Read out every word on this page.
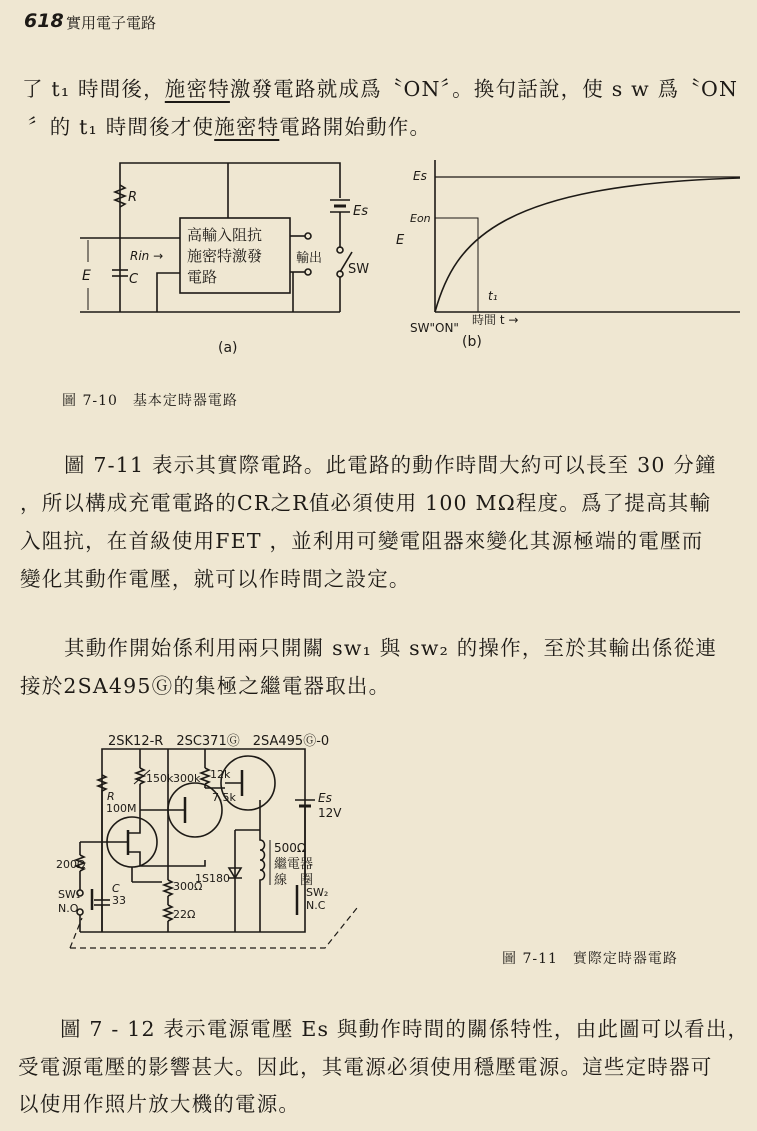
618 實用電子電路
了 t₁ 時間後，施密特激發電路就成爲〝ON〞。換句話說，使 s w 爲〝ON
〞的 t₁ 時間後才使施密特電路開始動作。
R
C
E
Rin →
高輸入阻抗
施密特激發
電路
Es
輸出
SW
(a)
Es
Eon
E
t₁
SW"ON"
時間 t →
(b)
圖 7-10　基本定時器電路
圖 7-11 表示其實際電路。此電路的動作時間大約可以長至 30 分鐘
，所以構成充電電路的CR之R值必須使用 100 MΩ程度。爲了提高其輸
入阻抗，在首級使用FET ，並利用可變電阻器來變化其源極端的電壓而
變化其動作電壓，就可以作時間之設定。
其動作開始係利用兩只開關 sw₁ 與 sw₂ 的操作，至於其輸出係從連
接於2SA495Ⓖ的集極之繼電器取出。
2SK12-R　2SC371Ⓖ　2SA495Ⓖ-0
R
100M
150k 300k 12k
7.5k	Es
12V
200Ω
C
33
300Ω
22Ω
1S180
500Ω
繼電器
線　圈
SW₂
N.C
SW₁
N.O
圖 7-11　實際定時器電路
圖 7 - 12 表示電源電壓 Es 與動作時間的關係特性，由此圖可以看出，
受電源電壓的影響甚大。因此，其電源必須使用穩壓電源。這些定時器可
以使用作照片放大機的電源。
